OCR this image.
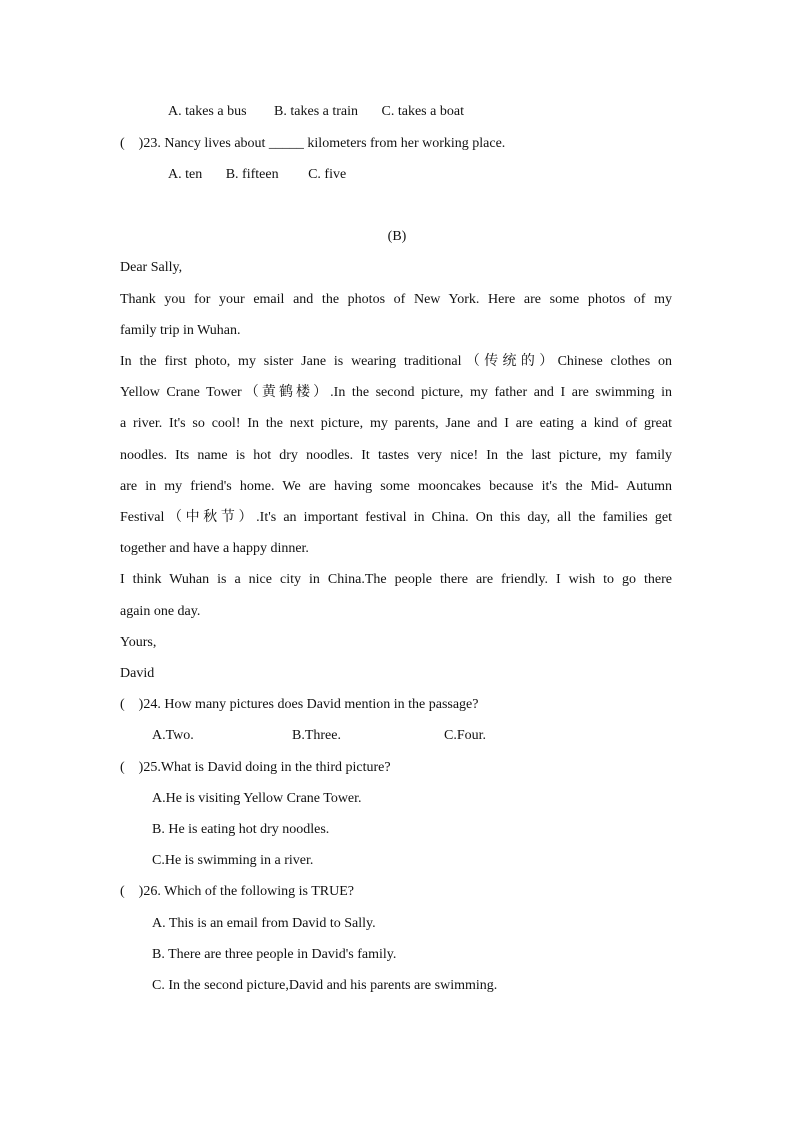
A. takes a bus B. takes a train C. takes a boat
( )23. Nancy lives about _____ kilometers from her working place.
A. ten B. fifteen C. five
(B)
Dear Sally,
Thank you for your email and the photos of New York. Here are some photos of my
family trip in Wuhan.
In the first photo, my sister Jane is wearing traditional（传统的）Chinese clothes on
Yellow Crane Tower（黄鹤楼）.In the second picture, my father and I are swimming in
a river. It's so cool! In the next picture, my parents, Jane and I are eating a kind of great
noodles. Its name is hot dry noodles. It tastes very nice! In the last picture, my family
are in my friend's home. We are having some mooncakes because it's the Mid- Autumn
Festival（中秋节）.It's an important festival in China. On this day, all the families get
together and have a happy dinner.
I think Wuhan is a nice city in China.The people there are friendly. I wish to go there
again one day.
Yours,
David
( )24. How many pictures does David mention in the passage?
A.Two.	B.Three.	C.Four.
( )25.What is David doing in the third picture?
A.He is visiting Yellow Crane Tower.
B. He is eating hot dry noodles.
C.He is swimming in a river.
( )26. Which of the following is TRUE?
A. This is an email from David to Sally.
B. There are three people in David's family.
C. In the second picture,David and his parents are swimming.
